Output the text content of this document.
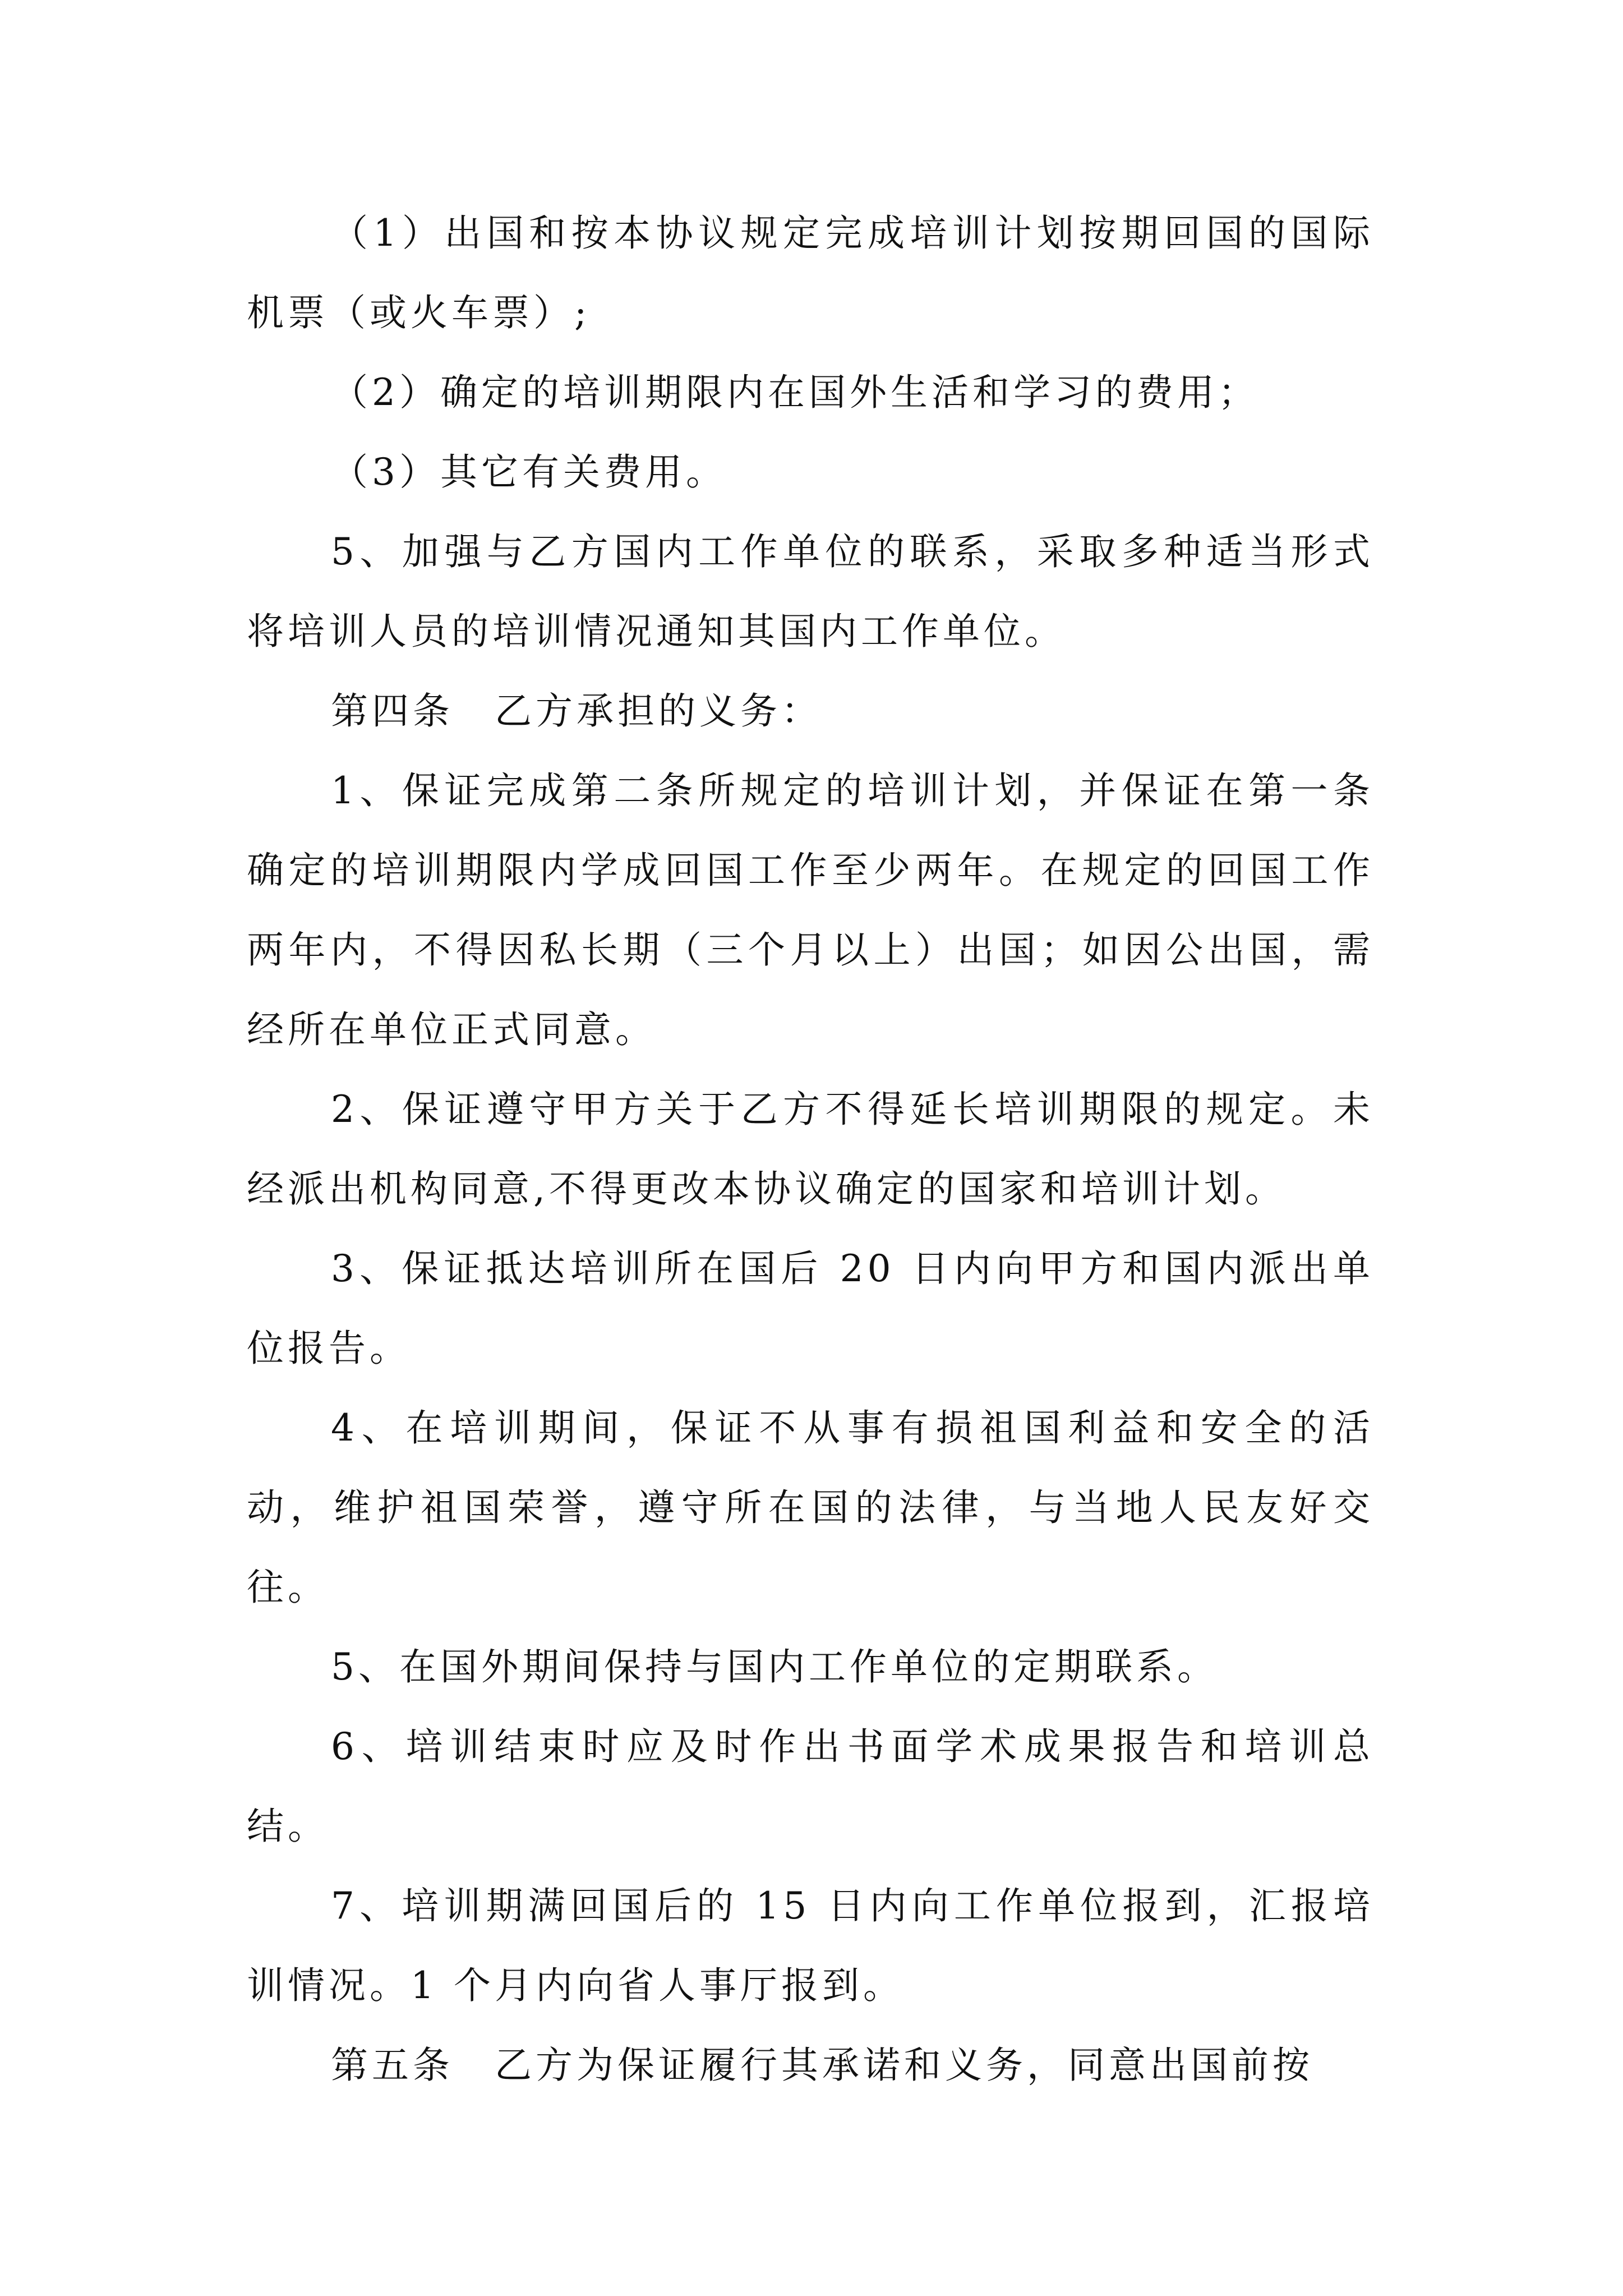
（1）出国和按本协议规定完成培训计划按期回国的国际机票（或火车票）;

（2）确定的培训期限内在国外生活和学习的费用；

（3）其它有关费用。

5、加强与乙方国内工作单位的联系，采取多种适当形式将培训人员的培训情况通知其国内工作单位。

第四条　乙方承担的义务：

1、保证完成第二条所规定的培训计划，并保证在第一条确定的培训期限内学成回国工作至少两年。在规定的回国工作两年内，不得因私长期（三个月以上）出国；如因公出国，需经所在单位正式同意。

2、保证遵守甲方关于乙方不得延长培训期限的规定。未经派出机构同意,不得更改本协议确定的国家和培训计划。

3、保证抵达培训所在国后 20 日内向甲方和国内派出单位报告。

4、在培训期间，保证不从事有损祖国利益和安全的活动，维护祖国荣誉，遵守所在国的法律，与当地人民友好交往。

5、在国外期间保持与国内工作单位的定期联系。

6、培训结束时应及时作出书面学术成果报告和培训总结。

7、培训期满回国后的 15 日内向工作单位报到，汇报培训情况。1 个月内向省人事厅报到。

第五条　乙方为保证履行其承诺和义务，同意出国前按
